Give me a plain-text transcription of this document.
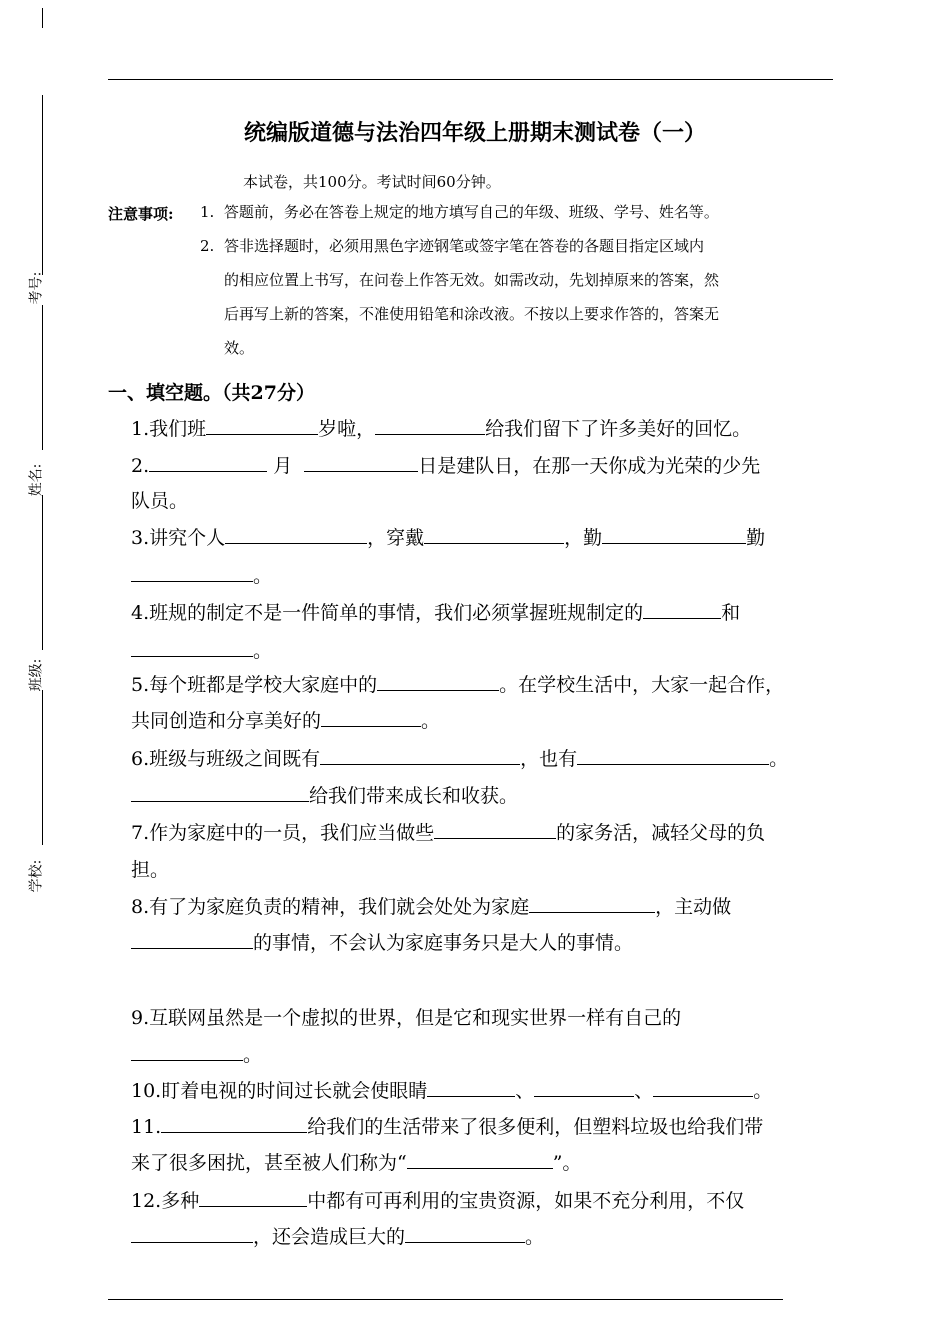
考号:
姓名:
班级:
学校:
统编版道德与法治四年级上册期末测试卷（一）
本试卷，共100分。考试时间60分钟。
注意事项: 1. 答题前，务必在答卷上规定的地方填写自己的年级、班级、学号、姓名等。
2. 答非选择题时，必须用黑色字迹钢笔或签字笔在答卷的各题目指定区域内
的相应位置上书写，在问卷上作答无效。如需改动，先划掉原来的答案，然
后再写上新的答案，不准使用铅笔和涂改液。不按以上要求作答的，答案无
效。
一、填空题。（共27分）
1.我们班	岁啦，	给我们留下了许多美好的回忆。
2.	月	日是建队日，在那一天你成为光荣的少先
队员。
3.讲究个人	，穿戴	，勤	勤
。
4.班规的制定不是一件简单的事情，我们必须掌握班规制定的	和
。
5.每个班都是学校大家庭中的	。在学校生活中，大家一起合作，
共同创造和分享美好的	。
6.班级与班级之间既有	，也有	。
给我们带来成长和收获。
7.作为家庭中的一员，我们应当做些	的家务活，减轻父母的负
担。
8.有了为家庭负责的精神，我们就会处处为家庭	，主动做
的事情，不会认为家庭事务只是大人的事情。
9.互联网虽然是一个虚拟的世界，但是它和现实世界一样有自己的
。
10.盯着电视的时间过长就会使眼睛	、	、	。
11.	给我们的生活带来了很多便利，但塑料垃圾也给我们带
来了很多困扰，甚至被人们称为“	”。
12.多种	中都有可再利用的宝贵资源，如果不充分利用，不仅
，还会造成巨大的	。
